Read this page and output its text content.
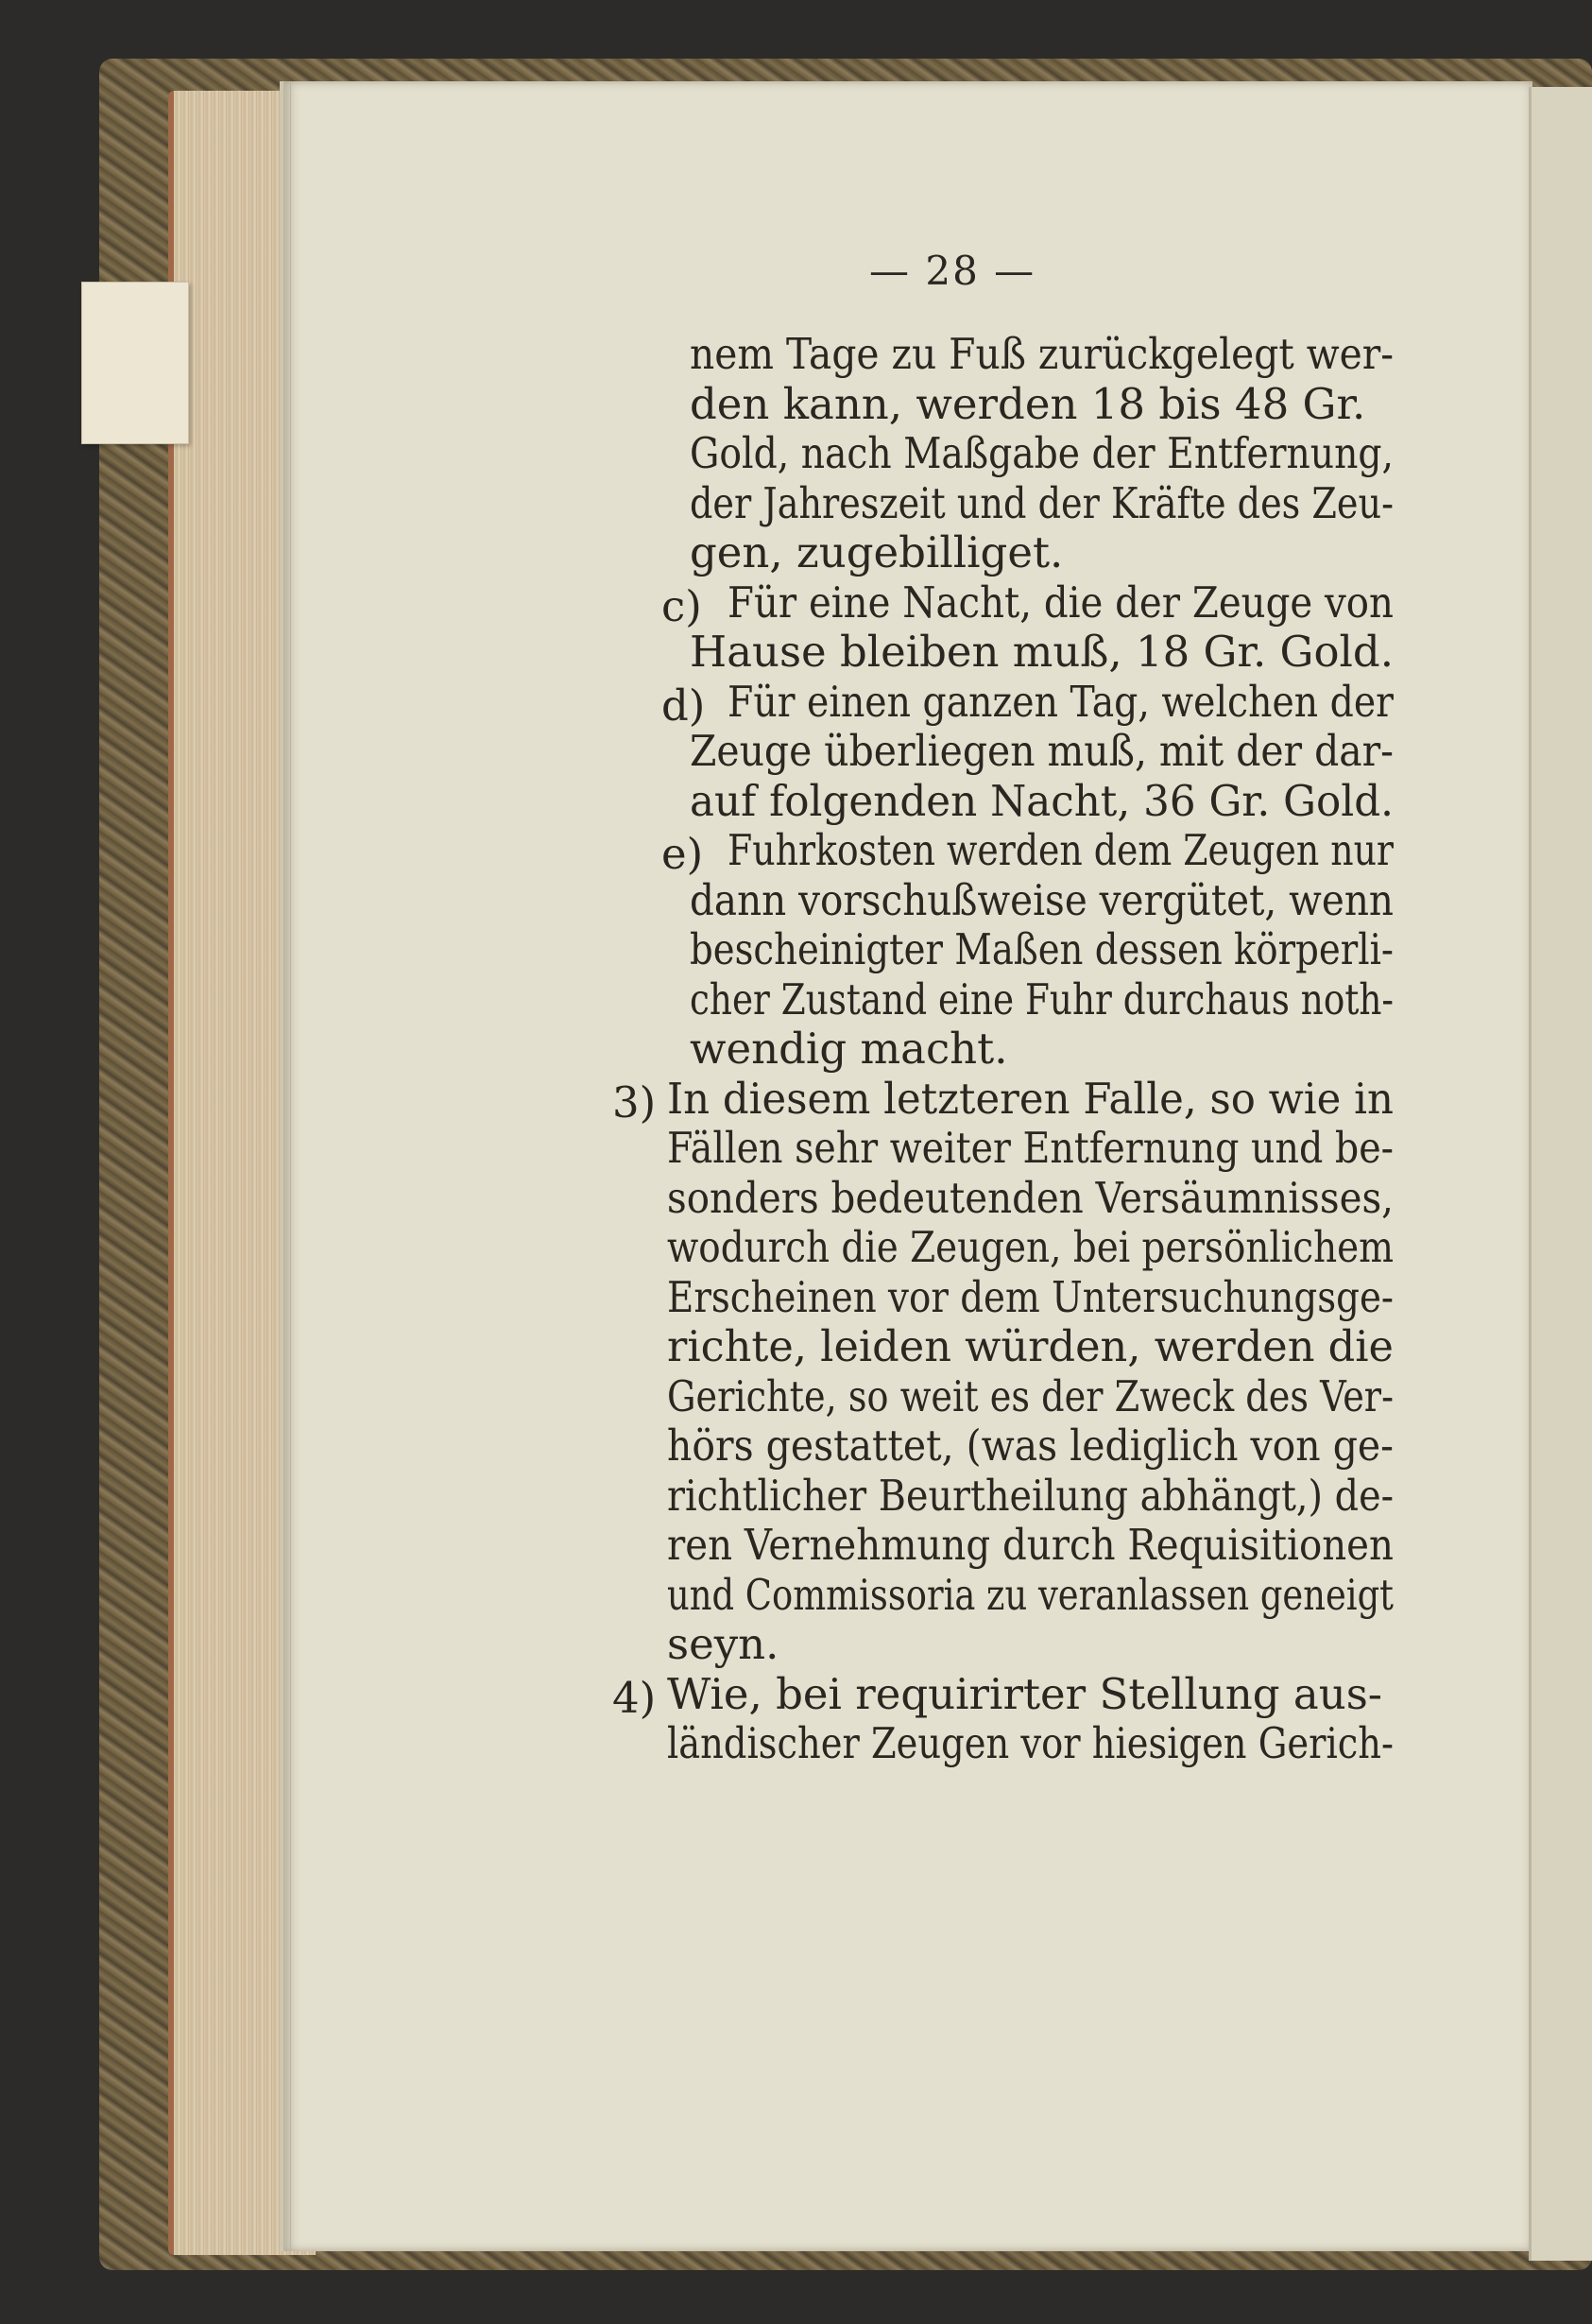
— 28 —
nem Tage zu Fuß zurückgelegt wer-
den kann, werden 18 bis 48 Gr.
Gold, nach Maßgabe der Entfernung,
der Jahreszeit und der Kräfte des Zeu-
gen, zugebilliget.
c) Für eine Nacht, die der Zeuge von
Hause bleiben muß, 18 Gr. Gold.
d) Für einen ganzen Tag, welchen der
Zeuge überliegen muß, mit der dar-
auf folgenden Nacht, 36 Gr. Gold.
e) Fuhrkosten werden dem Zeugen nur
dann vorschußweise vergütet, wenn
bescheinigter Maßen dessen körperli-
cher Zustand eine Fuhr durchaus noth-
wendig macht.
3) In diesem letzteren Falle, so wie in
Fällen sehr weiter Entfernung und be-
sonders bedeutenden Versäumnisses,
wodurch die Zeugen, bei persönlichem
Erscheinen vor dem Untersuchungsge-
richte, leiden würden, werden die
Gerichte, so weit es der Zweck des Ver-
hörs gestattet, (was lediglich von ge-
richtlicher Beurtheilung abhängt,) de-
ren Vernehmung durch Requisitionen
und Commissoria zu veranlassen geneigt
seyn.
4) Wie, bei requirirter Stellung aus-
ländischer Zeugen vor hiesigen Gerich-
